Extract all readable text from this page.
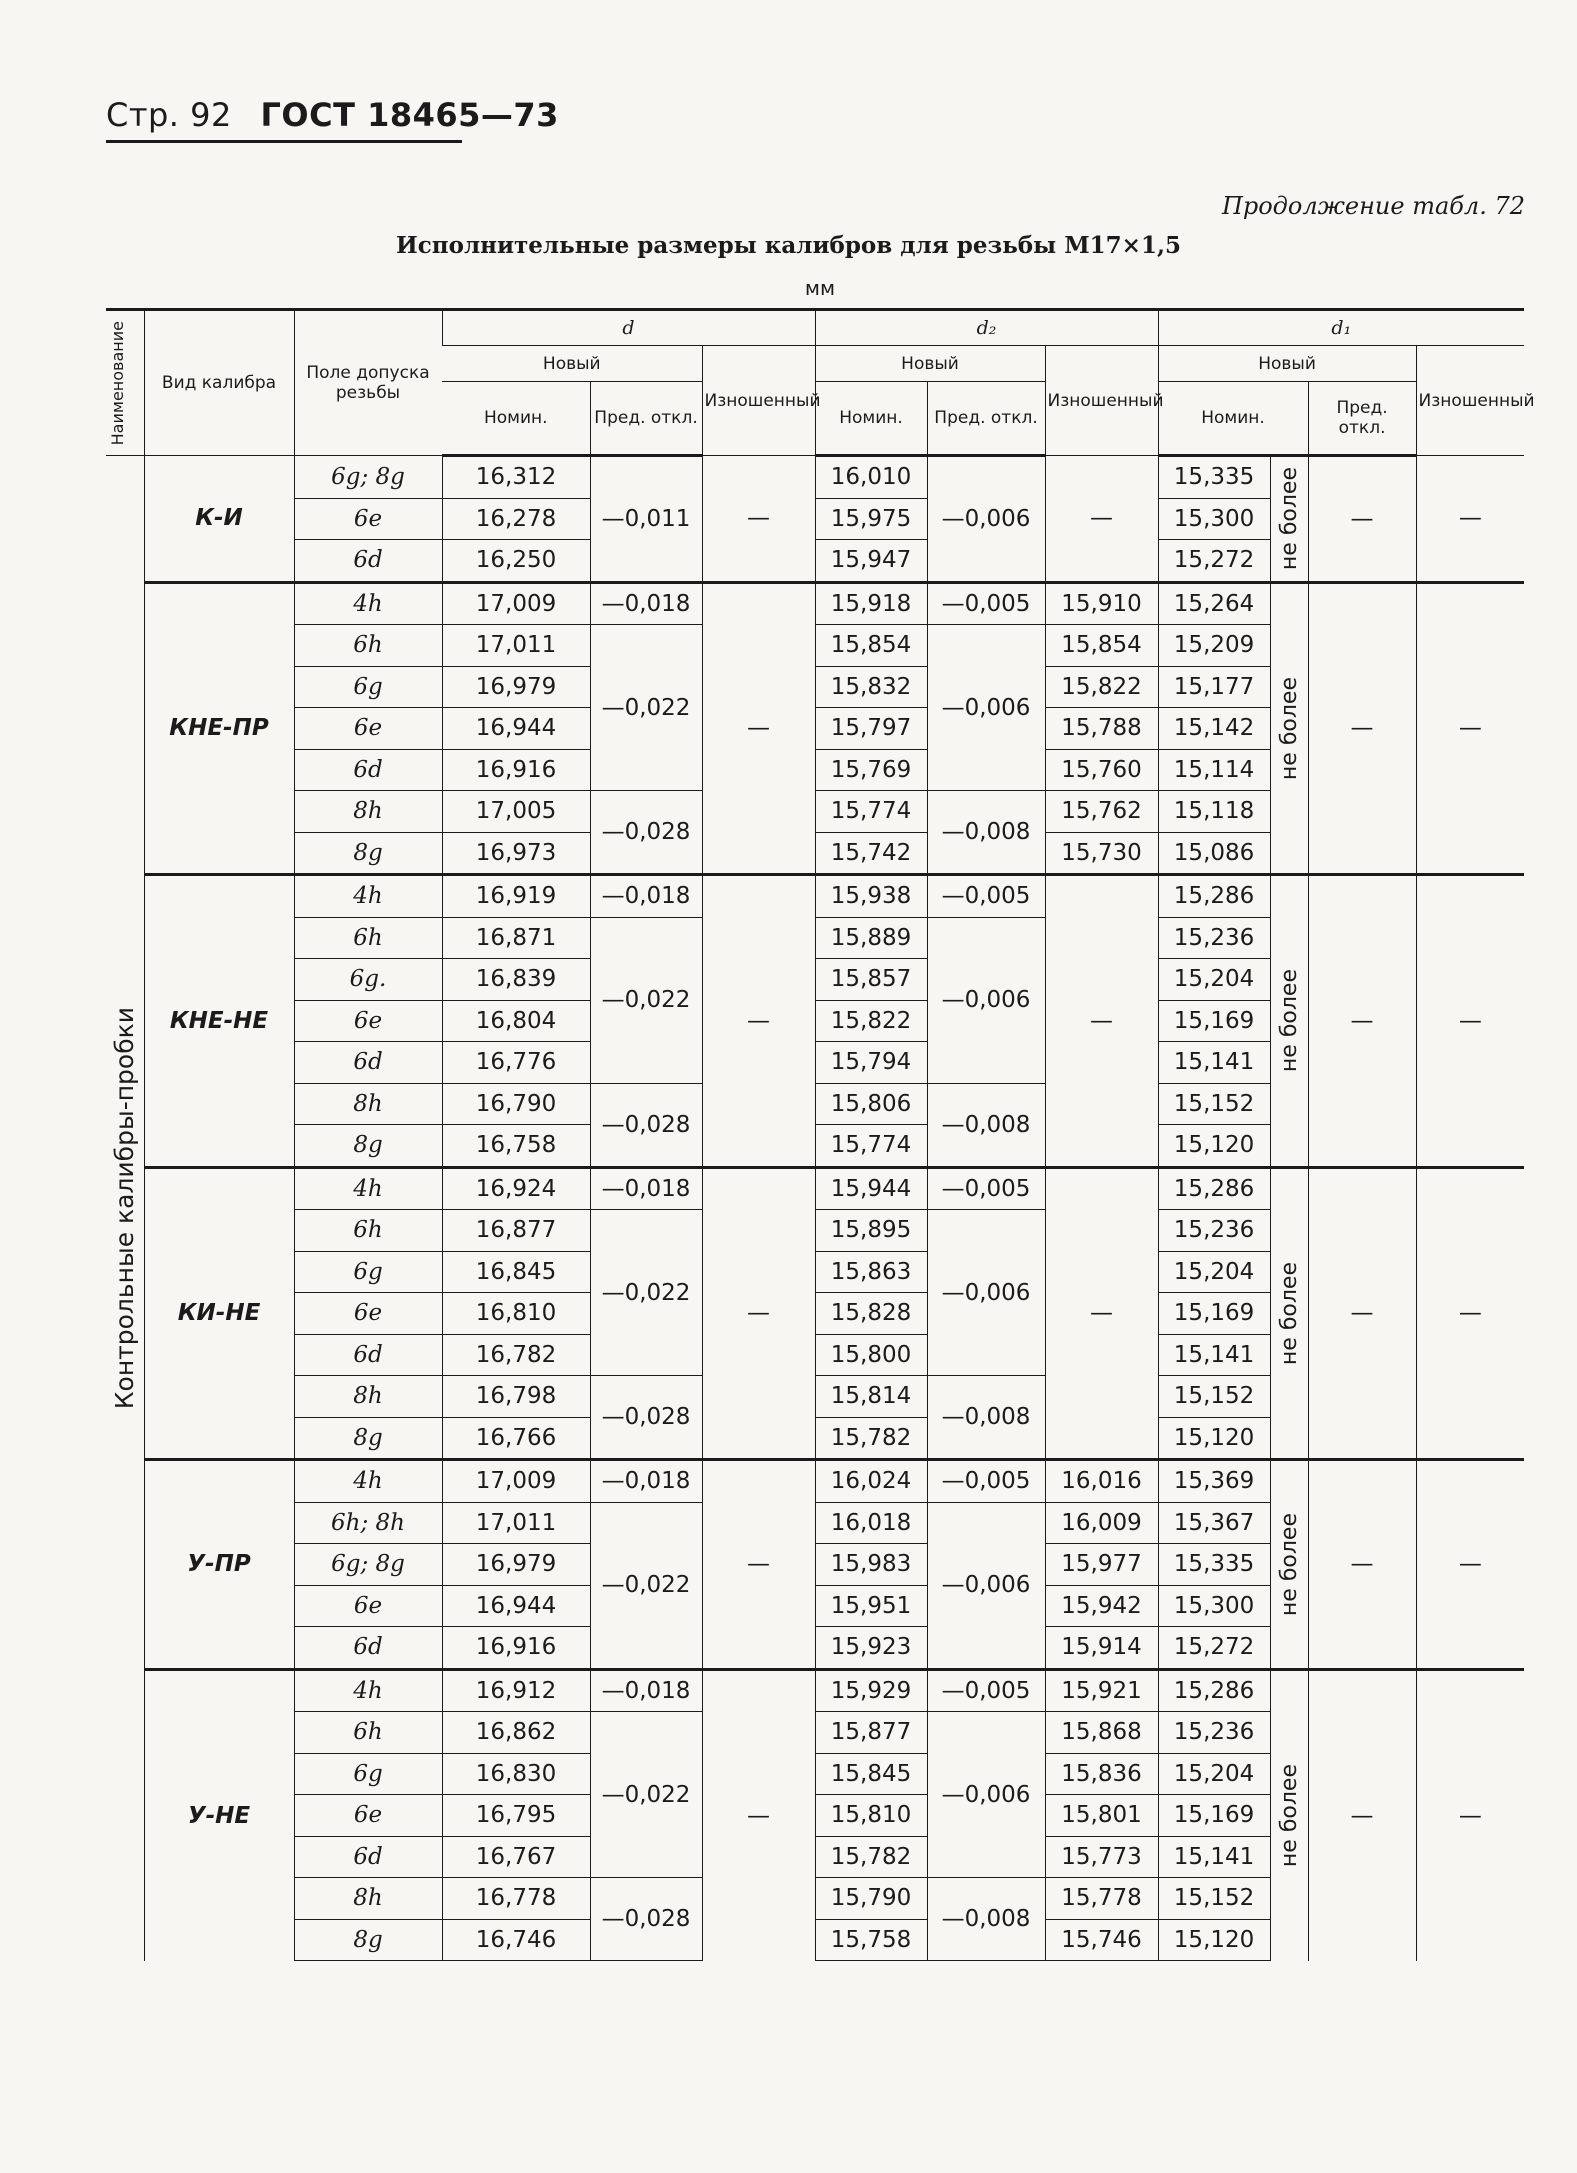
Стр. 92 ГОСТ 18465—73
Продолжение табл. 72
Исполнительные размеры калибров для резьбы M17×1,5
мм
Наименование	Вид калибра	Поле допуска резьбы	d			d₂			d₁			
			Новый		Изношенный	Новый		Изношенный	Новый			Изношенный
			Номин.	Пред. откл.		Номин.	Пред. откл.		Номин.		Пред. откл.	

Контрольные калибры-пробки	К-И	6g; 8g	16,312	—0,011	—	16,010	—0,006	—	15,335	не более	—	—
		6e	16,278			15,975			15,300			
		6d	16,250			15,947			15,272			
	КНЕ-ПР	4h	17,009	—0,018	—	15,918	—0,005	15,910	15,264	не более	—	—
		6h	17,011	—0,022		15,854	—0,006	15,854	15,209			
		6g	16,979			15,832		15,822	15,177			
		6e	16,944			15,797		15,788	15,142			
		6d	16,916			15,769		15,760	15,114			
		8h	17,005	—0,028		15,774	—0,008	15,762	15,118			
		8g	16,973			15,742		15,730	15,086			
	КНЕ-НЕ	4h	16,919	—0,018	—	15,938	—0,005	—	15,286	не более	—	—
		6h	16,871	—0,022		15,889	—0,006		15,236			
		6g.	16,839			15,857			15,204			
		6e	16,804			15,822			15,169			
		6d	16,776			15,794			15,141			
		8h	16,790	—0,028		15,806	—0,008		15,152			
		8g	16,758			15,774			15,120			
	КИ-НЕ	4h	16,924	—0,018	—	15,944	—0,005	—	15,286	не более	—	—
		6h	16,877	—0,022		15,895	—0,006		15,236			
		6g	16,845			15,863			15,204			
		6e	16,810			15,828			15,169			
		6d	16,782			15,800			15,141			
		8h	16,798	—0,028		15,814	—0,008		15,152			
		8g	16,766			15,782			15,120			
	У-ПР	4h	17,009	—0,018	—	16,024	—0,005	16,016	15,369	не более	—	—
		6h; 8h	17,011	—0,022		16,018	—0,006	16,009	15,367			
		6g; 8g	16,979			15,983		15,977	15,335			
		6e	16,944			15,951		15,942	15,300			
		6d	16,916			15,923		15,914	15,272			
	У-НЕ	4h	16,912	—0,018	—	15,929	—0,005	15,921	15,286	не более	—	—
		6h	16,862	—0,022		15,877	—0,006	15,868	15,236			
		6g	16,830			15,845		15,836	15,204			
		6e	16,795			15,810		15,801	15,169			
		6d	16,767			15,782		15,773	15,141			
		8h	16,778	—0,028		15,790	—0,008	15,778	15,152			
		8g	16,746			15,758		15,746	15,120			
